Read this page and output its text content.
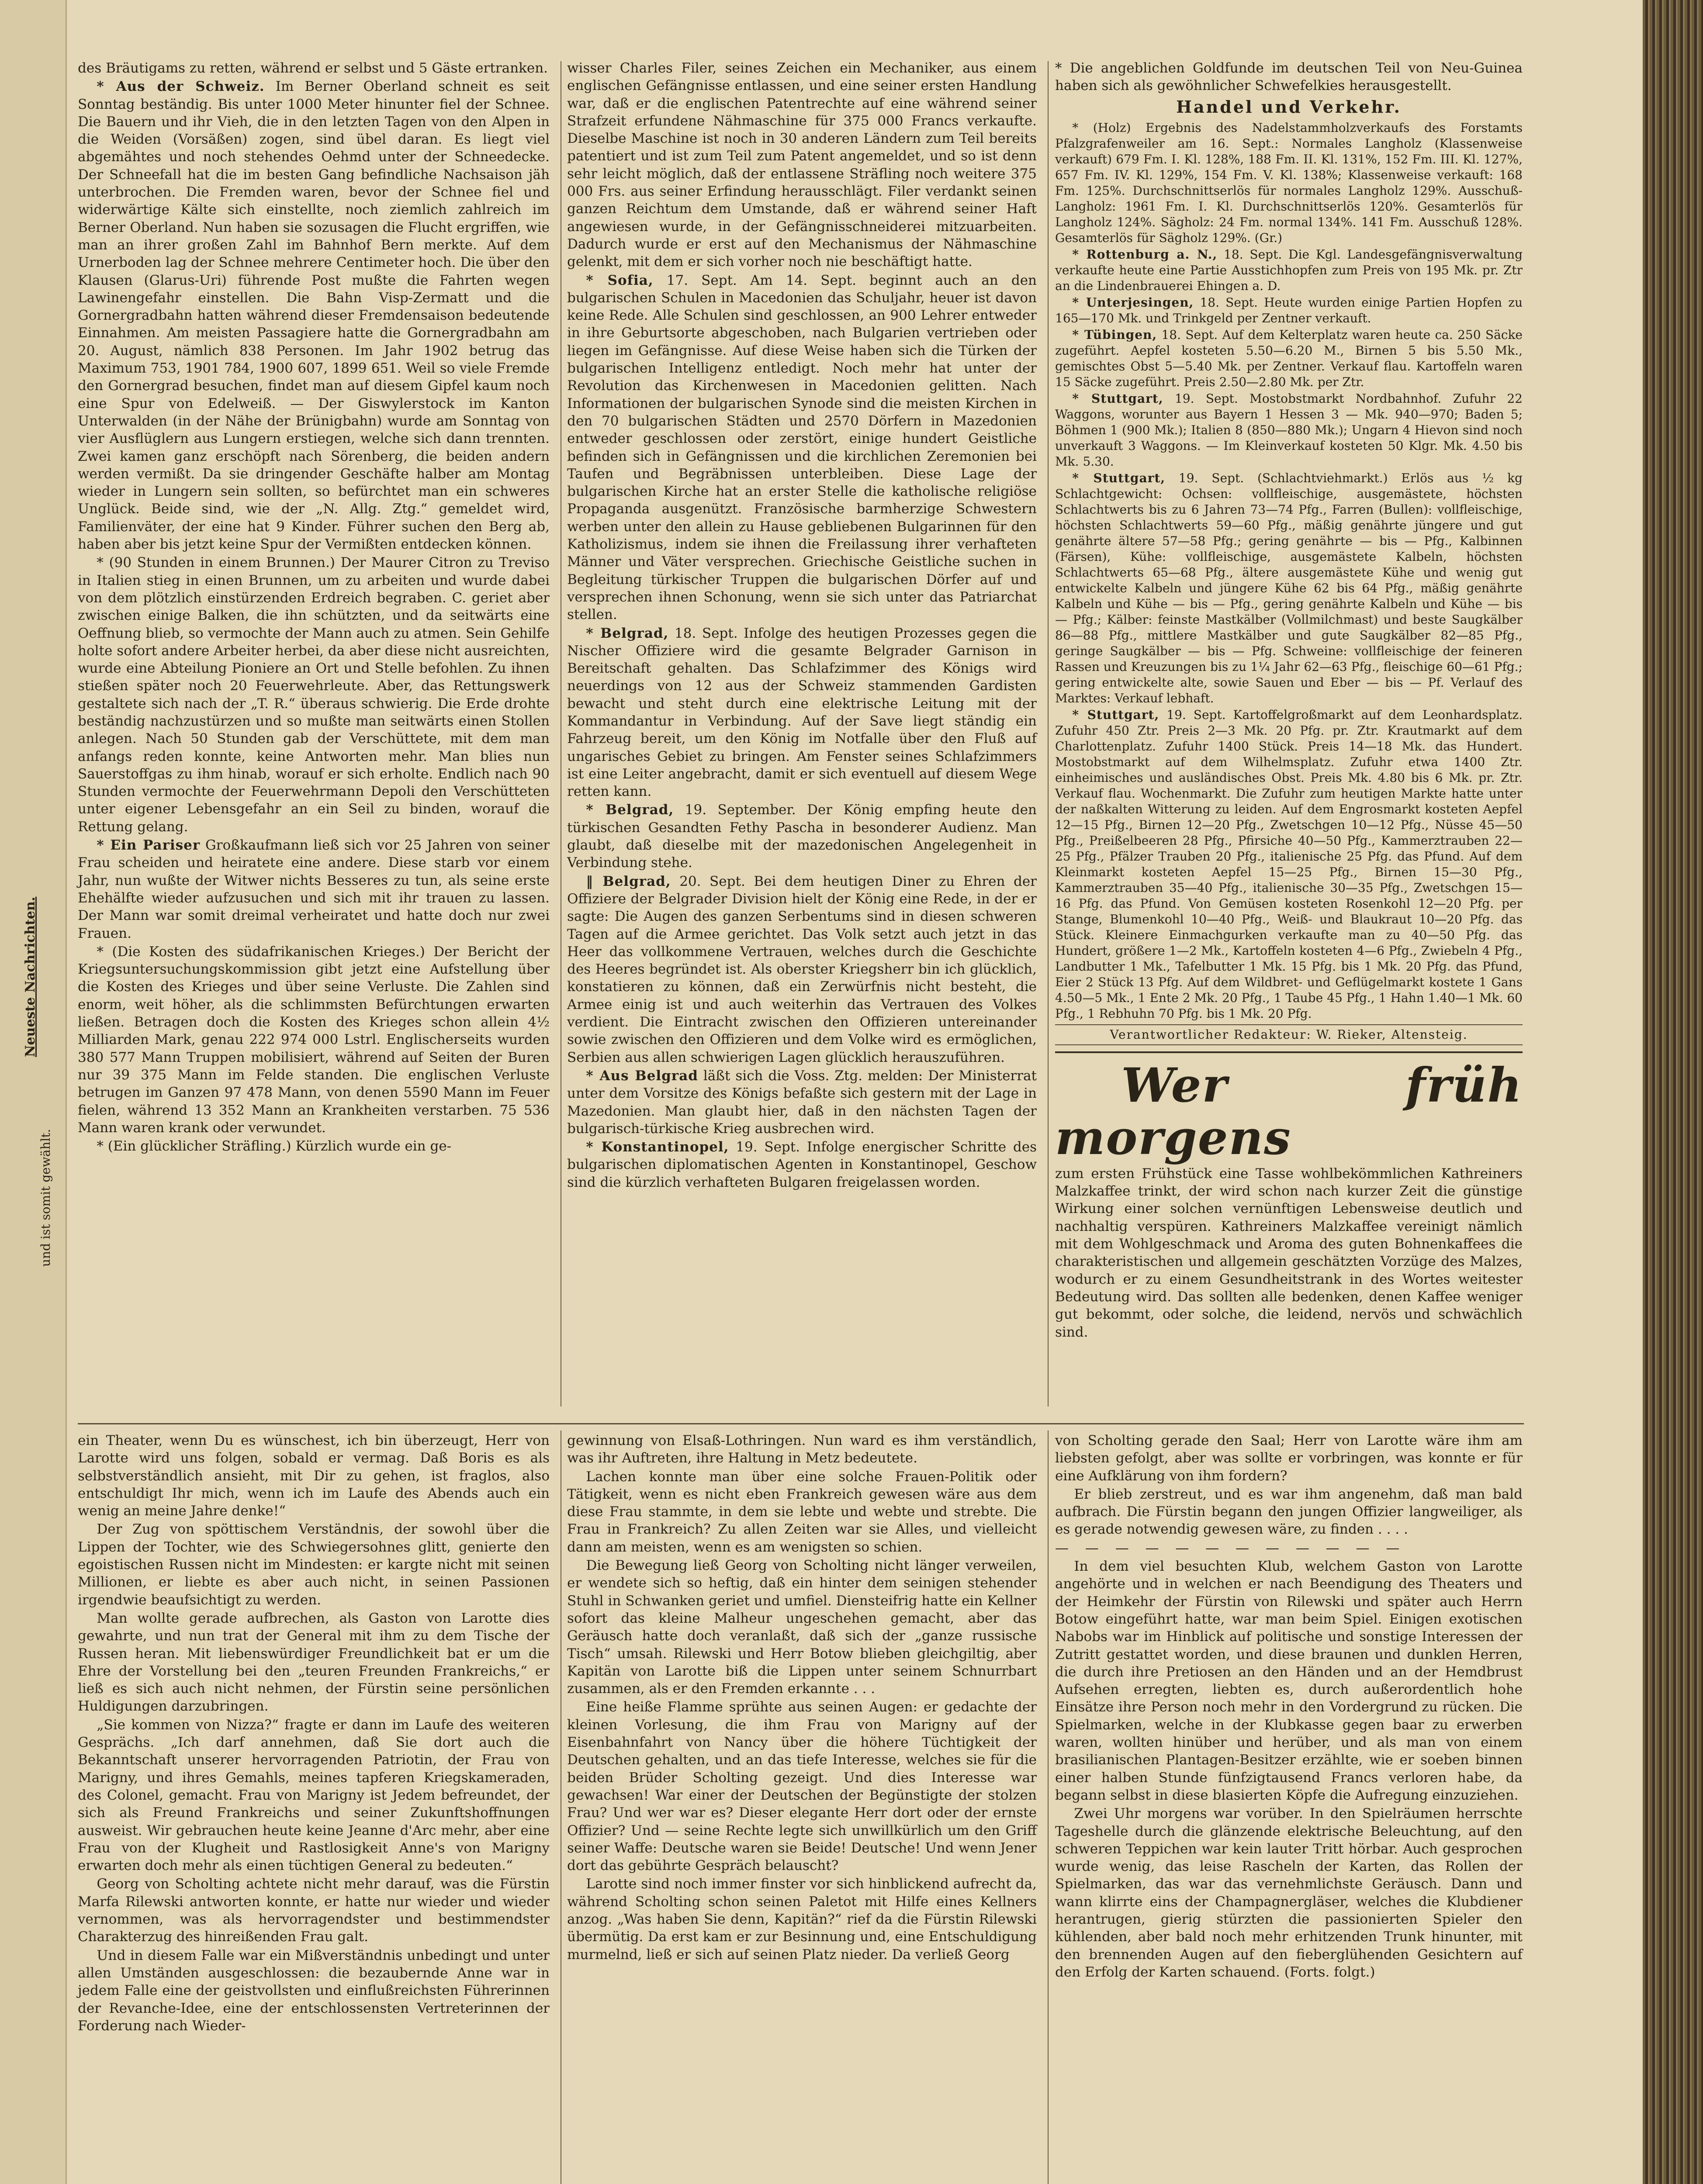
Neueste Nachrichten.
und ist somit gewählt.

des Bräutigams zu retten, während er selbst und 5 Gäste ertranken.

* Aus der Schweiz. Im Berner Oberland schneit es seit Sonntag beständig. Bis unter 1000 Meter hinunter fiel der Schnee. Die Bauern und ihr Vieh, die in den letzten Tagen von den Alpen in die Weiden (Vorsäßen) zogen, sind übel daran. Es liegt viel abgemähtes und noch stehendes Oehmd unter der Schneedecke. Der Schneefall hat die im besten Gang befindliche Nachsaison jäh unterbrochen. Die Fremden waren, bevor der Schnee fiel und widerwärtige Kälte sich einstellte, noch ziemlich zahlreich im Berner Oberland. Nun haben sie sozusagen die Flucht ergriffen, wie man an ihrer großen Zahl im Bahnhof Bern merkte. Auf dem Urnerboden lag der Schnee mehrere Centimeter hoch. Die über den Klausen (Glarus-Uri) führende Post mußte die Fahrten wegen Lawinengefahr einstellen. Die Bahn Visp-Zermatt und die Gornergradbahn hatten während dieser Fremdensaison bedeutende Einnahmen. Am meisten Passagiere hatte die Gornergradbahn am 20. August, nämlich 838 Personen. Im Jahr 1902 betrug das Maximum 753, 1901 784, 1900 607, 1899 651. Weil so viele Fremde den Gornergrad besuchen, findet man auf diesem Gipfel kaum noch eine Spur von Edelweiß. — Der Giswylerstock im Kanton Unterwalden (in der Nähe der Brünigbahn) wurde am Sonntag von vier Ausflüglern aus Lungern erstiegen, welche sich dann trennten. Zwei kamen ganz erschöpft nach Sörenberg, die beiden andern werden vermißt. Da sie dringender Geschäfte halber am Montag wieder in Lungern sein sollten, so befürchtet man ein schweres Unglück. Beide sind, wie der „N. Allg. Ztg.“ gemeldet wird, Familienväter, der eine hat 9 Kinder. Führer suchen den Berg ab, haben aber bis jetzt keine Spur der Vermißten entdecken können.

* (90 Stunden in einem Brunnen.) Der Maurer Citron zu Treviso in Italien stieg in einen Brunnen, um zu arbeiten und wurde dabei von dem plötzlich einstürzenden Erdreich begraben. C. geriet aber zwischen einige Balken, die ihn schützten, und da seitwärts eine Oeffnung blieb, so vermochte der Mann auch zu atmen. Sein Gehilfe holte sofort andere Arbeiter herbei, da aber diese nicht ausreichten, wurde eine Abteilung Pioniere an Ort und Stelle befohlen. Zu ihnen stießen später noch 20 Feuerwehrleute. Aber, das Rettungswerk gestaltete sich nach der „T. R.“ überaus schwierig. Die Erde drohte beständig nachzustürzen und so mußte man seitwärts einen Stollen anlegen. Nach 50 Stunden gab der Verschüttete, mit dem man anfangs reden konnte, keine Antworten mehr. Man blies nun Sauerstoffgas zu ihm hinab, worauf er sich erholte. Endlich nach 90 Stunden vermochte der Feuerwehrmann Depoli den Verschütteten unter eigener Lebensgefahr an ein Seil zu binden, worauf die Rettung gelang.

* Ein Pariser Großkaufmann ließ sich vor 25 Jahren von seiner Frau scheiden und heiratete eine andere. Diese starb vor einem Jahr, nun wußte der Witwer nichts Besseres zu tun, als seine erste Ehehälfte wieder aufzusuchen und sich mit ihr trauen zu lassen. Der Mann war somit dreimal verheiratet und hatte doch nur zwei Frauen.

* (Die Kosten des südafrikanischen Krieges.) Der Bericht der Kriegsuntersuchungskommission gibt jetzt eine Aufstellung über die Kosten des Krieges und über seine Verluste. Die Zahlen sind enorm, weit höher, als die schlimmsten Befürchtungen erwarten ließen. Betragen doch die Kosten des Krieges schon allein 4½ Milliarden Mark, genau 222 974 000 Lstrl. Englischerseits wurden 380 577 Mann Truppen mobilisiert, während auf Seiten der Buren nur 39 375 Mann im Felde standen. Die englischen Verluste betrugen im Ganzen 97 478 Mann, von denen 5590 Mann im Feuer fielen, während 13 352 Mann an Krankheiten verstarben. 75 536 Mann waren krank oder verwundet.

* (Ein glücklicher Sträfling.) Kürzlich wurde ein ge-

wisser Charles Filer, seines Zeichen ein Mechaniker, aus einem englischen Gefängnisse entlassen, und eine seiner ersten Handlung war, daß er die englischen Patentrechte auf eine während seiner Strafzeit erfundene Nähmaschine für 375 000 Francs verkaufte. Dieselbe Maschine ist noch in 30 anderen Ländern zum Teil bereits patentiert und ist zum Teil zum Patent angemeldet, und so ist denn sehr leicht möglich, daß der entlassene Sträfling noch weitere 375 000 Frs. aus seiner Erfindung herausschlägt. Filer verdankt seinen ganzen Reichtum dem Umstande, daß er während seiner Haft angewiesen wurde, in der Gefängnisschneiderei mitzuarbeiten. Dadurch wurde er erst auf den Mechanismus der Nähmaschine gelenkt, mit dem er sich vorher noch nie beschäftigt hatte.

* Sofia, 17. Sept. Am 14. Sept. beginnt auch an den bulgarischen Schulen in Macedonien das Schuljahr, heuer ist davon keine Rede. Alle Schulen sind geschlossen, an 900 Lehrer entweder in ihre Geburtsorte abgeschoben, nach Bulgarien vertrieben oder liegen im Gefängnisse. Auf diese Weise haben sich die Türken der bulgarischen Intelligenz entledigt. Noch mehr hat unter der Revolution das Kirchenwesen in Macedonien gelitten. Nach Informationen der bulgarischen Synode sind die meisten Kirchen in den 70 bulgarischen Städten und 2570 Dörfern in Mazedonien entweder geschlossen oder zerstört, einige hundert Geistliche befinden sich in Gefängnissen und die kirchlichen Zeremonien bei Taufen und Begräbnissen unterbleiben. Diese Lage der bulgarischen Kirche hat an erster Stelle die katholische religiöse Propaganda ausgenützt. Französische barmherzige Schwestern werben unter den allein zu Hause gebliebenen Bulgarinnen für den Katholizismus, indem sie ihnen die Freilassung ihrer verhafteten Männer und Väter versprechen. Griechische Geistliche suchen in Begleitung türkischer Truppen die bulgarischen Dörfer auf und versprechen ihnen Schonung, wenn sie sich unter das Patriarchat stellen.

* Belgrad, 18. Sept. Infolge des heutigen Prozesses gegen die Nischer Offiziere wird die gesamte Belgrader Garnison in Bereitschaft gehalten. Das Schlafzimmer des Königs wird neuerdings von 12 aus der Schweiz stammenden Gardisten bewacht und steht durch eine elektrische Leitung mit der Kommandantur in Verbindung. Auf der Save liegt ständig ein Fahrzeug bereit, um den König im Notfalle über den Fluß auf ungarisches Gebiet zu bringen. Am Fenster seines Schlafzimmers ist eine Leiter angebracht, damit er sich eventuell auf diesem Wege retten kann.

* Belgrad, 19. September. Der König empfing heute den türkischen Gesandten Fethy Pascha in besonderer Audienz. Man glaubt, daß dieselbe mit der mazedonischen Angelegenheit in Verbindung stehe.

‖ Belgrad, 20. Sept. Bei dem heutigen Diner zu Ehren der Offiziere der Belgrader Division hielt der König eine Rede, in der er sagte: Die Augen des ganzen Serbentums sind in diesen schweren Tagen auf die Armee gerichtet. Das Volk setzt auch jetzt in das Heer das vollkommene Vertrauen, welches durch die Geschichte des Heeres begründet ist. Als oberster Kriegsherr bin ich glücklich, konstatieren zu können, daß ein Zerwürfnis nicht besteht, die Armee einig ist und auch weiterhin das Vertrauen des Volkes verdient. Die Eintracht zwischen den Offizieren untereinander sowie zwischen den Offizieren und dem Volke wird es ermöglichen, Serbien aus allen schwierigen Lagen glücklich herauszuführen.

* Aus Belgrad läßt sich die Voss. Ztg. melden: Der Ministerrat unter dem Vorsitze des Königs befaßte sich gestern mit der Lage in Mazedonien. Man glaubt hier, daß in den nächsten Tagen der bulgarisch-türkische Krieg ausbrechen wird.

* Konstantinopel, 19. Sept. Infolge energischer Schritte des bulgarischen diplomatischen Agenten in Konstantinopel, Geschow sind die kürzlich verhafteten Bulgaren freigelassen worden.

* Die angeblichen Goldfunde im deutschen Teil von Neu-Guinea haben sich als gewöhnlicher Schwefelkies herausgestellt.

Handel und Verkehr.

* (Holz) Ergebnis des Nadelstammholzverkaufs des Forstamts Pfalzgrafenweiler am 16. Sept.: Normales Langholz (Klassenweise verkauft) 679 Fm. I. Kl. 128%, 188 Fm. II. Kl. 131%, 152 Fm. III. Kl. 127%, 657 Fm. IV. Kl. 129%, 154 Fm. V. Kl. 138%; Klassenweise verkauft: 168 Fm. 125%. Durchschnittserlös für normales Langholz 129%. Ausschuß-Langholz: 1961 Fm. I. Kl. Durchschnittserlös 120%. Gesamterlös für Langholz 124%. Sägholz: 24 Fm. normal 134%. 141 Fm. Ausschuß 128%. Gesamterlös für Sägholz 129%. (Gr.)

* Rottenburg a. N., 18. Sept. Die Kgl. Landesgefängnisverwaltung verkaufte heute eine Partie Ausstichhopfen zum Preis von 195 Mk. pr. Ztr an die Lindenbrauerei Ehingen a. D.

* Unterjesingen, 18. Sept. Heute wurden einige Partien Hopfen zu 165—170 Mk. und Trinkgeld per Zentner verkauft.

* Tübingen, 18. Sept. Auf dem Kelterplatz waren heute ca. 250 Säcke zugeführt. Aepfel kosteten 5.50—6.20 M., Birnen 5 bis 5.50 Mk., gemischtes Obst 5—5.40 Mk. per Zentner. Verkauf flau. Kartoffeln waren 15 Säcke zugeführt. Preis 2.50—2.80 Mk. per Ztr.

* Stuttgart, 19. Sept. Mostobstmarkt Nordbahnhof. Zufuhr 22 Waggons, worunter aus Bayern 1 Hessen 3 — Mk. 940—970; Baden 5; Böhmen 1 (900 Mk.); Italien 8 (850—880 Mk.); Ungarn 4 Hievon sind noch unverkauft 3 Waggons. — Im Kleinverkauf kosteten 50 Klgr. Mk. 4.50 bis Mk. 5.30.

* Stuttgart, 19. Sept. (Schlachtviehmarkt.) Erlös aus ½ kg Schlachtgewicht: Ochsen: vollfleischige, ausgemästete, höchsten Schlachtwerts bis zu 6 Jahren 73—74 Pfg., Farren (Bullen): vollfleischige, höchsten Schlachtwerts 59—60 Pfg., mäßig genährte jüngere und gut genährte ältere 57—58 Pfg.; gering genährte — bis — Pfg., Kalbinnen (Färsen), Kühe: vollfleischige, ausgemästete Kalbeln, höchsten Schlachtwerts 65—68 Pfg., ältere ausgemästete Kühe und wenig gut entwickelte Kalbeln und jüngere Kühe 62 bis 64 Pfg., mäßig genährte Kalbeln und Kühe — bis — Pfg., gering genährte Kalbeln und Kühe — bis — Pfg.; Kälber: feinste Mastkälber (Vollmilchmast) und beste Saugkälber 86—88 Pfg., mittlere Mastkälber und gute Saugkälber 82—85 Pfg., geringe Saugkälber — bis — Pfg. Schweine: vollfleischige der feineren Rassen und Kreuzungen bis zu 1¼ Jahr 62—63 Pfg., fleischige 60—61 Pfg.; gering entwickelte alte, sowie Sauen und Eber — bis — Pf. Verlauf des Marktes: Verkauf lebhaft.

* Stuttgart, 19. Sept. Kartoffelgroßmarkt auf dem Leonhardsplatz. Zufuhr 450 Ztr. Preis 2—3 Mk. 20 Pfg. pr. Ztr. Krautmarkt auf dem Charlottenplatz. Zufuhr 1400 Stück. Preis 14—18 Mk. das Hundert. Mostobstmarkt auf dem Wilhelmsplatz. Zufuhr etwa 1400 Ztr. einheimisches und ausländisches Obst. Preis Mk. 4.80 bis 6 Mk. pr. Ztr. Verkauf flau. Wochenmarkt. Die Zufuhr zum heutigen Markte hatte unter der naßkalten Witterung zu leiden. Auf dem Engrosmarkt kosteten Aepfel 12—15 Pfg., Birnen 12—20 Pfg., Zwetschgen 10—12 Pfg., Nüsse 45—50 Pfg., Preißelbeeren 28 Pfg., Pfirsiche 40—50 Pfg., Kammerztrauben 22—25 Pfg., Pfälzer Trauben 20 Pfg., italienische 25 Pfg. das Pfund. Auf dem Kleinmarkt kosteten Aepfel 15—25 Pfg., Birnen 15—30 Pfg., Kammerztrauben 35—40 Pfg., italienische 30—35 Pfg., Zwetschgen 15—16 Pfg. das Pfund. Von Gemüsen kosteten Rosenkohl 12—20 Pfg. per Stange, Blumenkohl 10—40 Pfg., Weiß- und Blaukraut 10—20 Pfg. das Stück. Kleinere Einmachgurken verkaufte man zu 40—50 Pfg. das Hundert, größere 1—2 Mk., Kartoffeln kosteten 4—6 Pfg., Zwiebeln 4 Pfg., Landbutter 1 Mk., Tafelbutter 1 Mk. 15 Pfg. bis 1 Mk. 20 Pfg. das Pfund, Eier 2 Stück 13 Pfg. Auf dem Wildbret- und Geflügelmarkt kostete 1 Gans 4.50—5 Mk., 1 Ente 2 Mk. 20 Pfg., 1 Taube 45 Pfg., 1 Hahn 1.40—1 Mk. 60 Pfg., 1 Rebhuhn 70 Pfg. bis 1 Mk. 20 Pfg.

Verantwortlicher Redakteur: W. Rieker, Altensteig.

Wer früh morgens

zum ersten Frühstück eine Tasse wohlbekömmlichen Kathreiners Malzkaffee trinkt, der wird schon nach kurzer Zeit die günstige Wirkung einer solchen vernünftigen Lebensweise deutlich und nachhaltig verspüren. Kathreiners Malzkaffee vereinigt nämlich mit dem Wohlgeschmack und Aroma des guten Bohnenkaffees die charakteristischen und allgemein geschätzten Vorzüge des Malzes, wodurch er zu einem Gesundheitstrank in des Wortes weitester Bedeutung wird. Das sollten alle bedenken, denen Kaffee weniger gut bekommt, oder solche, die leidend, nervös und schwächlich sind.

ein Theater, wenn Du es wünschest, ich bin überzeugt, Herr von Larotte wird uns folgen, sobald er vermag. Daß Boris es als selbstverständlich ansieht, mit Dir zu gehen, ist fraglos, also entschuldigt Ihr mich, wenn ich im Laufe des Abends auch ein wenig an meine Jahre denke!“

Der Zug von spöttischem Verständnis, der sowohl über die Lippen der Tochter, wie des Schwiegersohnes glitt, genierte den egoistischen Russen nicht im Mindesten: er kargte nicht mit seinen Millionen, er liebte es aber auch nicht, in seinen Passionen irgendwie beaufsichtigt zu werden.

Man wollte gerade aufbrechen, als Gaston von Larotte dies gewahrte, und nun trat der General mit ihm zu dem Tische der Russen heran. Mit liebenswürdiger Freundlichkeit bat er um die Ehre der Vorstellung bei den „teuren Freunden Frankreichs,“ er ließ es sich auch nicht nehmen, der Fürstin seine persönlichen Huldigungen darzubringen.

„Sie kommen von Nizza?“ fragte er dann im Laufe des weiteren Gesprächs. „Ich darf annehmen, daß Sie dort auch die Bekanntschaft unserer hervorragenden Patriotin, der Frau von Marigny, und ihres Gemahls, meines tapferen Kriegskameraden, des Colonel, gemacht. Frau von Marigny ist Jedem befreundet, der sich als Freund Frankreichs und seiner Zukunftshoffnungen ausweist. Wir gebrauchen heute keine Jeanne d'Arc mehr, aber eine Frau von der Klugheit und Rastlosigkeit Anne's von Marigny erwarten doch mehr als einen tüchtigen General zu bedeuten.“

Georg von Scholting achtete nicht mehr darauf, was die Fürstin Marfa Rilewski antworten konnte, er hatte nur wieder und wieder vernommen, was als hervorragendster und bestimmendster Charakterzug des hinreißenden Frau galt.

Und in diesem Falle war ein Mißverständnis unbedingt und unter allen Umständen ausgeschlossen: die bezaubernde Anne war in jedem Falle eine der geistvollsten und einflußreichsten Führerinnen der Revanche-Idee, eine der entschlossensten Vertreterinnen der Forderung nach Wieder-

gewinnung von Elsaß-Lothringen. Nun ward es ihm verständlich, was ihr Auftreten, ihre Haltung in Metz bedeutete.

Lachen konnte man über eine solche Frauen-Politik oder Tätigkeit, wenn es nicht eben Frankreich gewesen wäre aus dem diese Frau stammte, in dem sie lebte und webte und strebte. Die Frau in Frankreich? Zu allen Zeiten war sie Alles, und vielleicht dann am meisten, wenn es am wenigsten so schien.

Die Bewegung ließ Georg von Scholting nicht länger verweilen, er wendete sich so heftig, daß ein hinter dem seinigen stehender Stuhl in Schwanken geriet und umfiel. Diensteifrig hatte ein Kellner sofort das kleine Malheur ungeschehen gemacht, aber das Geräusch hatte doch veranlaßt, daß sich der „ganze russische Tisch“ umsah. Rilewski und Herr Botow blieben gleichgiltig, aber Kapitän von Larotte biß die Lippen unter seinem Schnurrbart zusammen, als er den Fremden erkannte . . .

Eine heiße Flamme sprühte aus seinen Augen: er gedachte der kleinen Vorlesung, die ihm Frau von Marigny auf der Eisenbahnfahrt von Nancy über die höhere Tüchtigkeit der Deutschen gehalten, und an das tiefe Interesse, welches sie für die beiden Brüder Scholting gezeigt. Und dies Interesse war gewachsen! War einer der Deutschen der Begünstigte der stolzen Frau? Und wer war es? Dieser elegante Herr dort oder der ernste Offizier? Und — seine Rechte legte sich unwillkürlich um den Griff seiner Waffe: Deutsche waren sie Beide! Deutsche! Und wenn Jener dort das gebührte Gespräch belauscht?

Larotte sind noch immer finster vor sich hinblickend aufrecht da, während Scholting schon seinen Paletot mit Hilfe eines Kellners anzog. „Was haben Sie denn, Kapitän?“ rief da die Fürstin Rilewski übermütig. Da erst kam er zur Besinnung und, eine Entschuldigung murmelnd, ließ er sich auf seinen Platz nieder. Da verließ Georg

von Scholting gerade den Saal; Herr von Larotte wäre ihm am liebsten gefolgt, aber was sollte er vorbringen, was konnte er für eine Aufklärung von ihm fordern?

Er blieb zerstreut, und es war ihm angenehm, daß man bald aufbrach. Die Fürstin begann den jungen Offizier langweiliger, als es gerade notwendig gewesen wäre, zu finden . . . .

— — — — — — — — — — — —

In dem viel besuchten Klub, welchem Gaston von Larotte angehörte und in welchen er nach Beendigung des Theaters und der Heimkehr der Fürstin von Rilewski und später auch Herrn Botow eingeführt hatte, war man beim Spiel. Einigen exotischen Nabobs war im Hinblick auf politische und sonstige Interessen der Zutritt gestattet worden, und diese braunen und dunklen Herren, die durch ihre Pretiosen an den Händen und an der Hemdbrust Aufsehen erregten, liebten es, durch außerordentlich hohe Einsätze ihre Person noch mehr in den Vordergrund zu rücken. Die Spielmarken, welche in der Klubkasse gegen baar zu erwerben waren, wollten hinüber und herüber, und als man von einem brasilianischen Plantagen-Besitzer erzählte, wie er soeben binnen einer halben Stunde fünfzigtausend Francs verloren habe, da begann selbst in diese blasierten Köpfe die Aufregung einzuziehen.

Zwei Uhr morgens war vorüber. In den Spielräumen herrschte Tageshelle durch die glänzende elektrische Beleuchtung, auf den schweren Teppichen war kein lauter Tritt hörbar. Auch gesprochen wurde wenig, das leise Rascheln der Karten, das Rollen der Spielmarken, das war das vernehmlichste Geräusch. Dann und wann klirrte eins der Champagnergläser, welches die Klubdiener herantrugen, gierig stürzten die passionierten Spieler den kühlenden, aber bald noch mehr erhitzenden Trunk hinunter, mit den brennenden Augen auf den fieberglühenden Gesichtern auf den Erfolg der Karten schauend. (Forts. folgt.)
